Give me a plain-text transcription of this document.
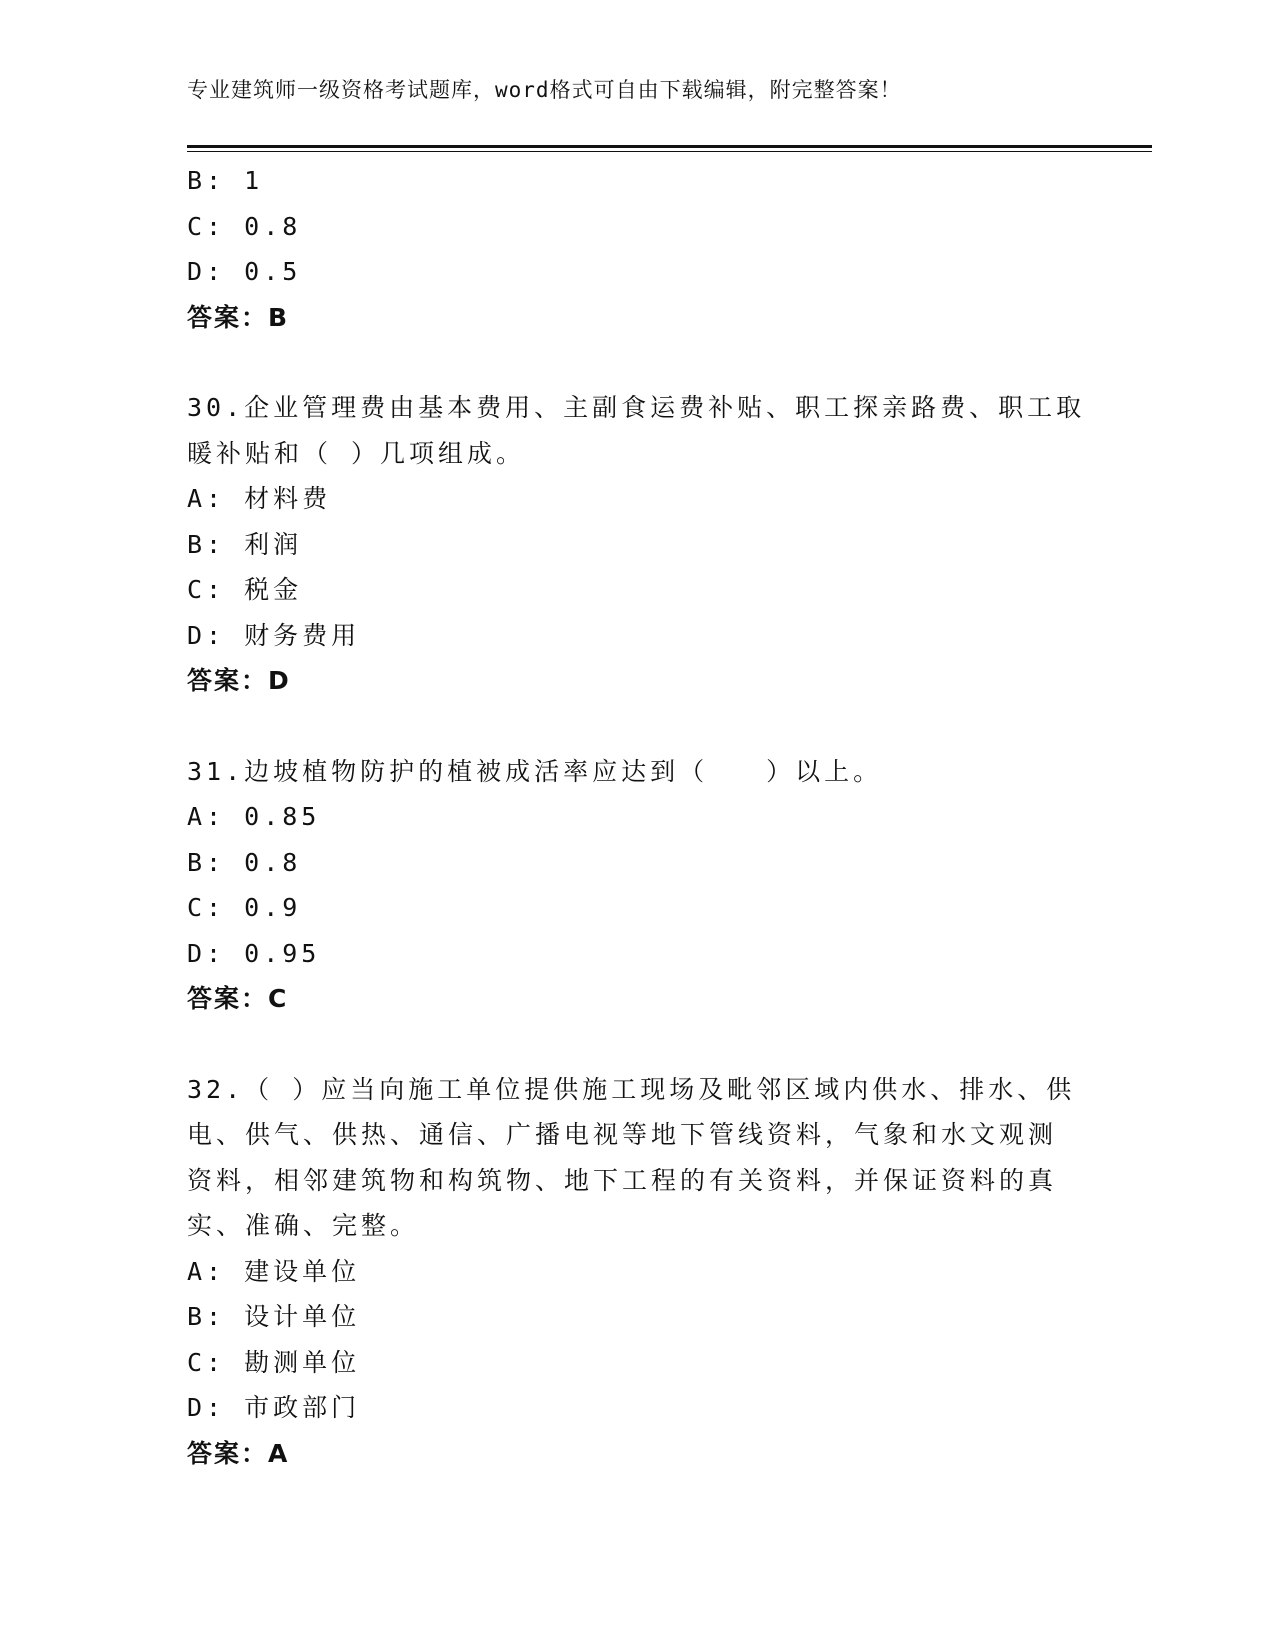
专业建筑师一级资格考试题库，word格式可自由下载编辑，附完整答案！
B: 1
C: 0.8
D: 0.5
答案：B
30.企业管理费由基本费用、主副食运费补贴、职工探亲路费、职工取
暖补贴和（ ）几项组成。
A: 材料费
B: 利润
C: 税金
D: 财务费用
答案：D
31.边坡植物防护的植被成活率应达到（　　）以上。
A: 0.85
B: 0.8
C: 0.9
D: 0.95
答案：C
32.（ ）应当向施工单位提供施工现场及毗邻区域内供水、排水、供
电、供气、供热、通信、广播电视等地下管线资料，气象和水文观测
资料，相邻建筑物和构筑物、地下工程的有关资料，并保证资料的真
实、准确、完整。
A: 建设单位
B: 设计单位
C: 勘测单位
D: 市政部门
答案：A
